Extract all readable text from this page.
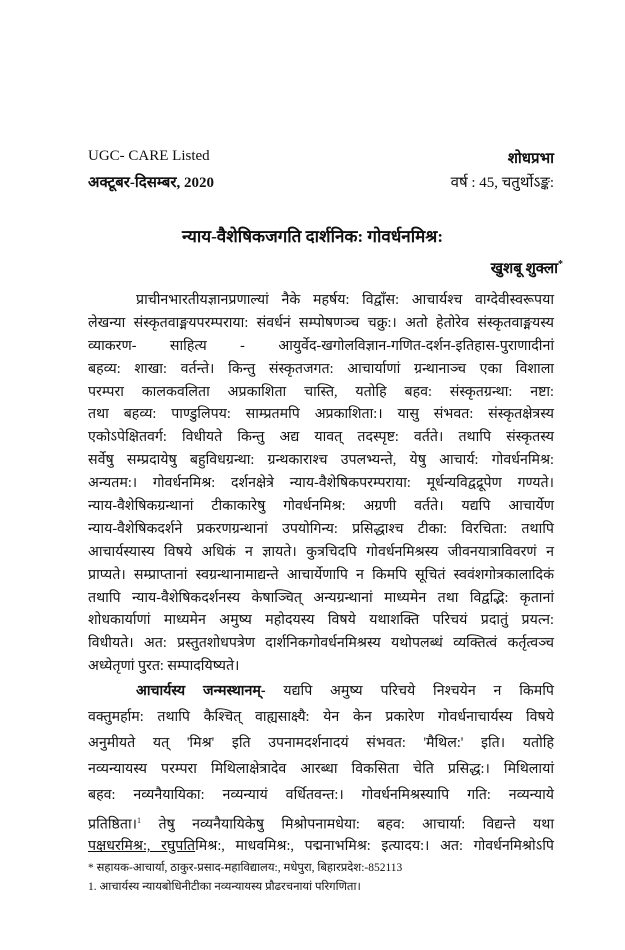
UGC- CARE Listed
अक्टूबर-दिसम्बर, 2020
शोधप्रभा
वर्ष : 45, चतुर्थोऽङ्क:
न्याय-वैशेषिकजगति दार्शनिक: गोवर्धनमिश्र:
खुशबू शुक्ला*
प्राचीनभारतीयज्ञानप्रणाल्यां नैके महर्षय: विद्वाँस: आचार्यश्च वाग्देवीस्वरूपया
लेखन्या संस्कृतवाङ्मयपरम्पराया: संवर्धनं सम्पोषणञ्च चक्रु:। अतो हेतोरेव संस्कृतवाङ्मयस्य
व्याकरण- साहित्य - आयुर्वेद-खगोलविज्ञान-गणित-दर्शन-इतिहास-पुराणादीनां
बहव्य: शाखा: वर्तन्ते। किन्तु संस्कृतजगत: आचार्याणां ग्रन्थानाञ्च एका विशाला
परम्परा कालकवलिता अप्रकाशिता चास्ति, यतोहि बहव: संस्कृतग्रन्था: नष्टा:
तथा बहव्य: पाण्डुलिपय: साम्प्रतमपि अप्रकाशिता:। यासु संभवत: संस्कृतक्षेत्रस्य
एकोऽपेक्षितवर्ग: विधीयते किन्तु अद्य यावत् तदस्पृष्ट: वर्तते। तथापि संस्कृतस्य
सर्वेषु सम्प्रदायेषु बहुविधग्रन्था: ग्रन्थकाराश्च उपलभ्यन्ते, येषु आचार्य: गोवर्धनमिश्र:
अन्यतम:। गोवर्धनमिश्र: दर्शनक्षेत्रे न्याय-वैशेषिकपरम्पराया: मूर्धन्यविद्वद्रूपेण गण्यते।
न्याय-वैशेषिकग्रन्थानां टीकाकारेषु गोवर्धनमिश्र: अग्रणी वर्तते। यद्यपि आचार्येण
न्याय-वैशेषिकदर्शने प्रकरणग्रन्थानां उपयोगिन्य: प्रसिद्धाश्च टीका: विरचिता: तथापि
आचार्यस्यास्य विषये अधिकं न ज्ञायते। कुत्रचिदपि गोवर्धनमिश्रस्य जीवनयात्राविवरणं न
प्राप्यते। सम्प्राप्तानां स्वग्रन्थानामाद्यन्ते आचार्येणापि न किमपि सूचितं स्ववंशगोत्रकालादिकं
तथापि न्याय-वैशेषिकदर्शनस्य केषाञ्चित् अन्यग्रन्थानां माध्यमेन तथा विद्वद्भि: कृतानां
शोधकार्याणां माध्यमेन अमुष्य महोदयस्य विषये यथाशक्ति परिचयं प्रदातुं प्रयत्न:
विधीयते। अत: प्रस्तुतशोधपत्रेण दार्शनिकगोवर्धनमिश्रस्य यथोपलब्धं व्यक्तित्वं कर्तृत्वञ्च
अध्येतृणां पुरत: सम्पादयिष्यते।
आचार्यस्य जन्मस्थानम्- यद्यपि अमुष्य परिचये निश्चयेन न किमपि
वक्तुमर्हाम: तथापि कैश्चित् वाह्यसाक्ष्यै: येन केन प्रकारेण गोवर्धनाचार्यस्य विषये
अनुमीयते यत् 'मिश्र' इति उपनामदर्शनादयं संभवत: 'मैथिल:' इति। यतोहि
नव्यन्यायस्य परम्परा मिथिलाक्षेत्रादेव आरब्धा विकसिता चेति प्रसिद्ध:। मिथिलायां
बहव: नव्यनैयायिका: नव्यन्यायं वर्धितवन्त:। गोवर्धनमिश्रस्यापि गति: नव्यन्याये
प्रतिष्ठिता।$^1$ तेषु नव्यनैयायिकेषु मिश्रोपनामधेया: बहव: आचार्या: विद्यन्ते यथा
पक्षधरमिश्र:, रघुपतिमिश्र:, माधवमिश्र:, पद्मनाभमिश्र: इत्यादय:। अत: गोवर्धनमिश्रोऽपि
* सहायक-आचार्या, ठाकुर-प्रसाद-महाविद्यालय:, मधेपुरा, बिहारप्रदेश:-852113
1. आचार्यस्य न्यायबोधिनीटीका नव्यन्यायस्य प्रौढरचनायां परिगणिता।
